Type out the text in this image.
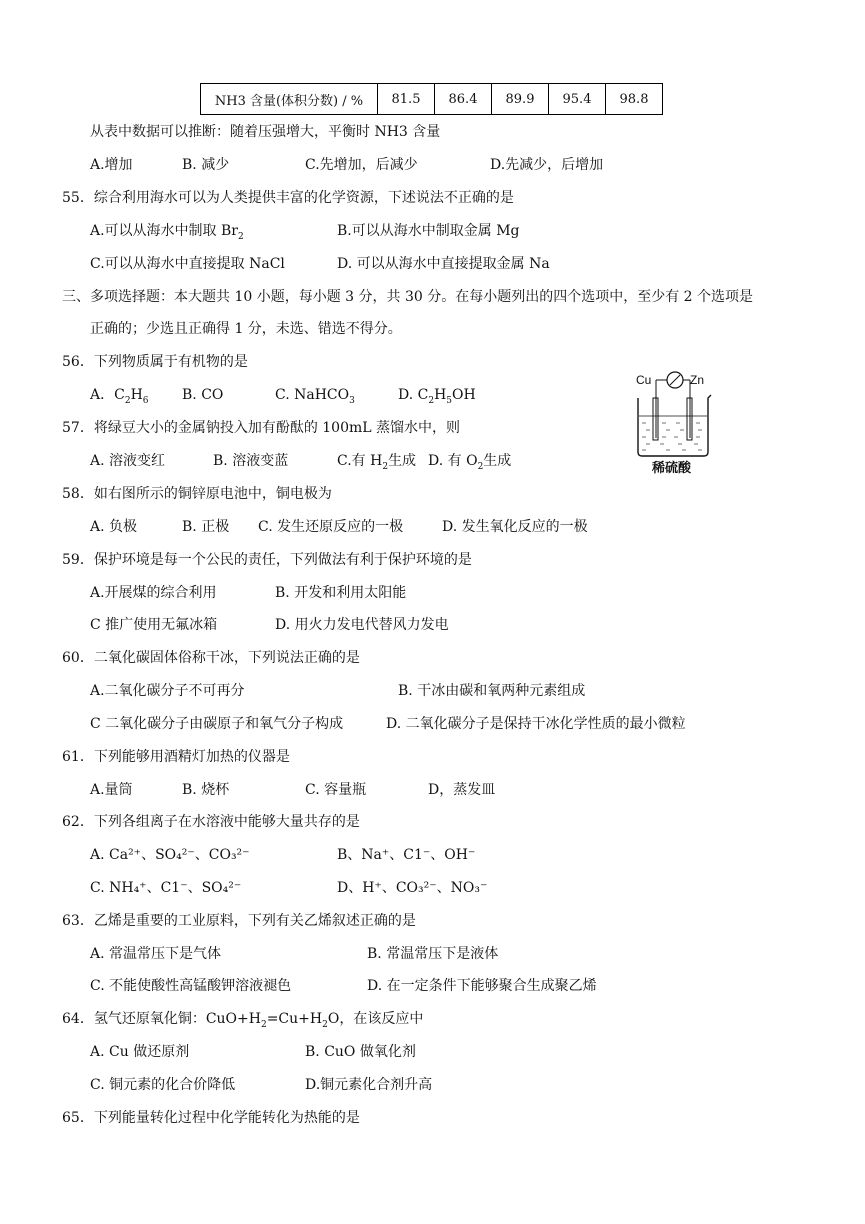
NH3 含量(体积分数) / %	81.5	86.4	89.9	95.4	98.8
从表中数据可以推断：随着压强增大，平衡时 NH3 含量
A.增加	B. 减少	C.先增加，后减少	D.先减少，后增加
55．综合利用海水可以为人类提供丰富的化学资源，下述说法不正确的是
A.可以从海水中制取 $Br_2$	B.可以从海水中制取金属 Mg
C.可以从海水中直接提取 NaCl	D. 可以从海水中直接提取金属 Na
三、多项选择题：本大题共 10 小题，每小题 3 分，共 30 分。在每小题列出的四个选项中，至少有 2 个选项是
正确的；少选且正确得 1 分，未选、错选不得分。
56．下列物质属于有机物的是
A．$C_2H_6$ B. CO	C. NaHCO$_3$	D. $C_2H_5OH$
Cu	Zn
稀硫酸
57．将绿豆大小的金属钠投入加有酚酞的 100mL 蒸馏水中，则
A. 溶液变红	B. 溶液变蓝	C.有 $H_2$生成 D. 有 $O_2$生成
58．如右图所示的铜锌原电池中，铜电极为
A. 负极	B. 正极 C. 发生还原反应的一极	D. 发生氧化反应的一极
59．保护环境是每一个公民的责任，下列做法有利于保护环境的是
A.开展煤的综合利用	B. 开发和利用太阳能
C 推广使用无氟冰箱	D. 用火力发电代替风力发电
60．二氧化碳固体俗称干冰，下列说法正确的是
A.二氧化碳分子不可再分	B. 干冰由碳和氧两种元素组成
C 二氧化碳分子由碳原子和氧气分子构成	D. 二氧化碳分子是保持干冰化学性质的最小微粒
61．下列能够用酒精灯加热的仪器是
A.量筒	B. 烧杯	C. 容量瓶	D，蒸发皿
62．下列各组离子在水溶液中能够大量共存的是
A. Ca²⁺、SO₄²⁻、CO₃²⁻	B、Na⁺、C1⁻、OH⁻
C. NH₄⁺、C1⁻、SO₄²⁻	D、H⁺、CO₃²⁻、NO₃⁻
63．乙烯是重要的工业原料，下列有关乙烯叙述正确的是
A. 常温常压下是气体	B. 常温常压下是液体
C. 不能使酸性高锰酸钾溶液褪色	D. 在一定条件下能够聚合生成聚乙烯
64．氢气还原氧化铜：$CuO+H_2=Cu+H_2O$，在该反应中
A. Cu 做还原剂	B. CuO 做氧化剂
C. 铜元素的化合价降低	D.铜元素化合剂升高
65．下列能量转化过程中化学能转化为热能的是
